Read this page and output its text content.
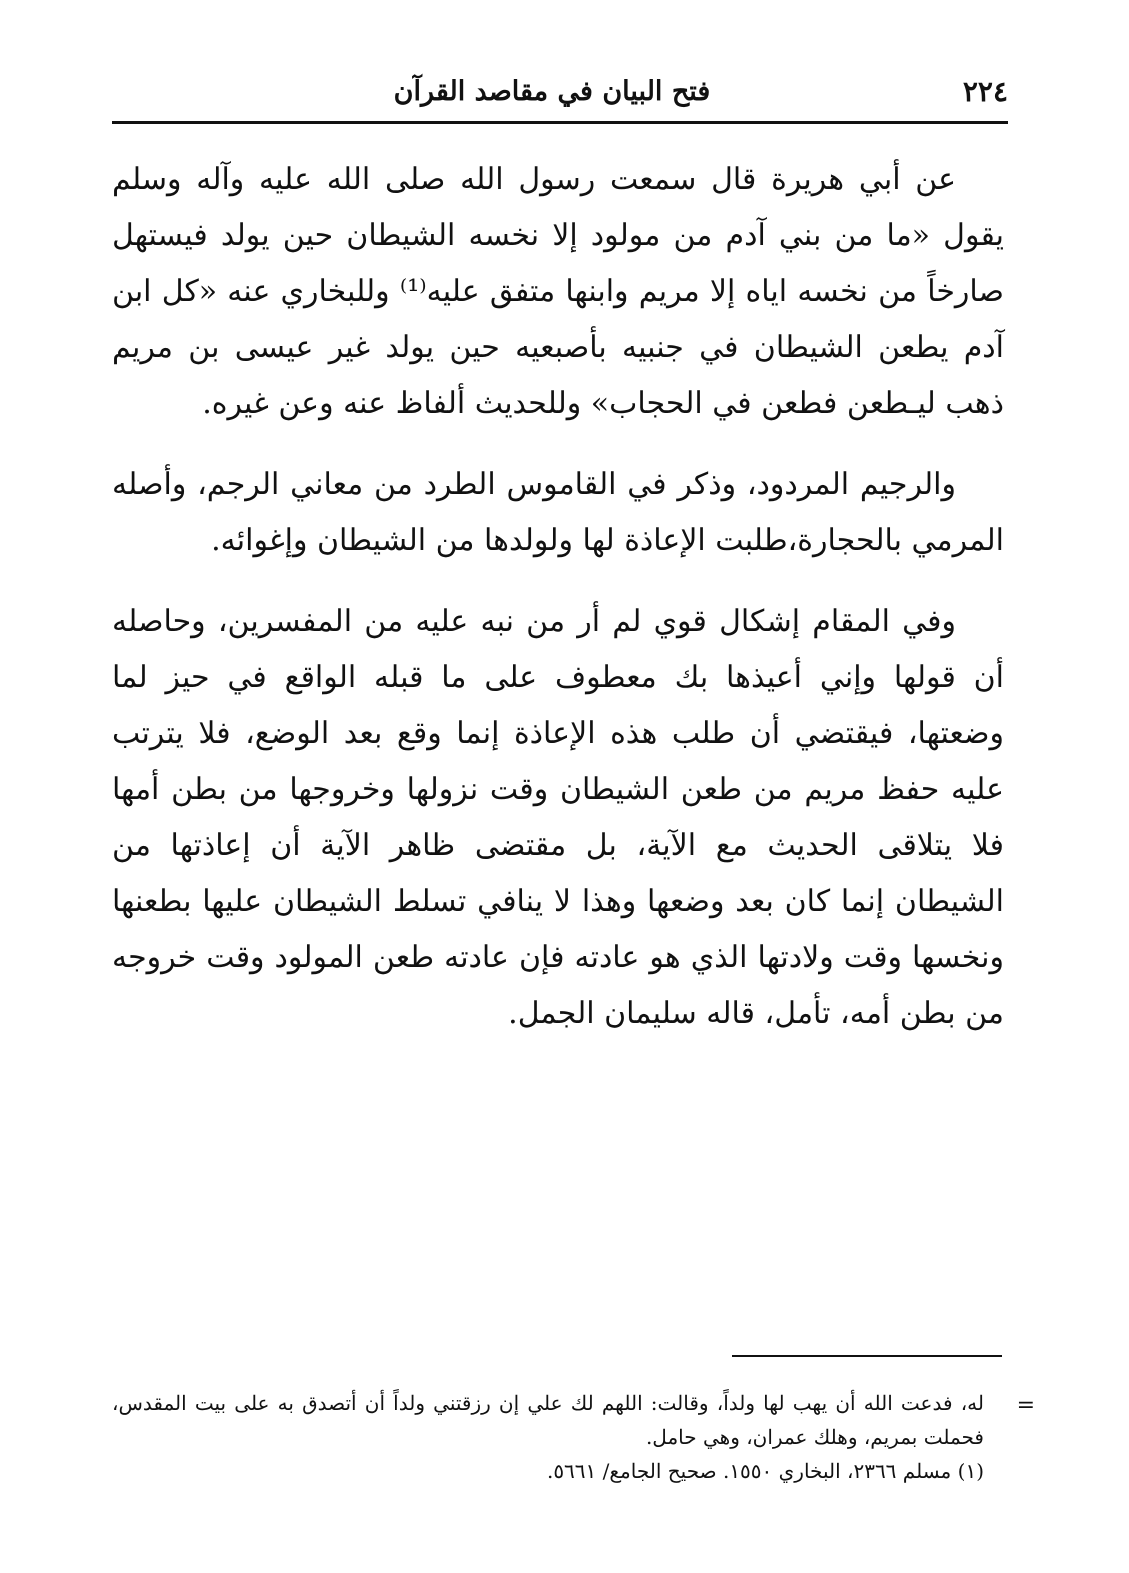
٢٢٤
فتح البيان في مقاصد القرآن

عن أبي هريرة قال سمعت رسول الله صلى الله عليه وآله وسلم يقول «ما من بني آدم من مولود إلا نخسه الشيطان حين يولد فيستهل صارخاً من نخسه اياه إلا مريم وابنها متفق عليه⁽¹⁾ وللبخاري عنه «كل ابن آدم يطعن الشيطان في جنبيه بأصبعيه حين يولد غير عيسى بن مريم ذهب ليـطعن فطعن في الحجاب» وللحديث ألفاظ عنه وعن غيره.

والرجيم المردود، وذكر في القاموس الطرد من معاني الرجم، وأصله المرمي بالحجارة،طلبت الإعاذة لها ولولدها من الشيطان وإغوائه.

وفي المقام إشكال قوي لم أر من نبه عليه من المفسرين، وحاصله أن قولها وإني أعيذها بك معطوف على ما قبله الواقع في حيز لما وضعتها، فيقتضي أن طلب هذه الإعاذة إنما وقع بعد الوضع، فلا يترتب عليه حفظ مريم من طعن الشيطان وقت نزولها وخروجها من بطن أمها فلا يتلاقى الحديث مع الآية، بل مقتضى ظاهر الآية أن إعاذتها من الشيطان إنما كان بعد وضعها وهذا لا ينافي تسلط الشيطان عليها بطعنها ونخسها وقت ولادتها الذي هو عادته فإن عادته طعن المولود وقت خروجه من بطن أمه، تأمل، قاله سليمان الجمل.

=

له، فدعت الله أن يهب لها ولداً، وقالت: اللهم لك علي إن رزقتني ولداً أن أتصدق به على بيت المقدس، فحملت بمريم، وهلك عمران، وهي حامل.

(١) مسلم ٢٣٦٦، البخاري ١٥٥٠. صحيح الجامع/ ٥٦٦١.
